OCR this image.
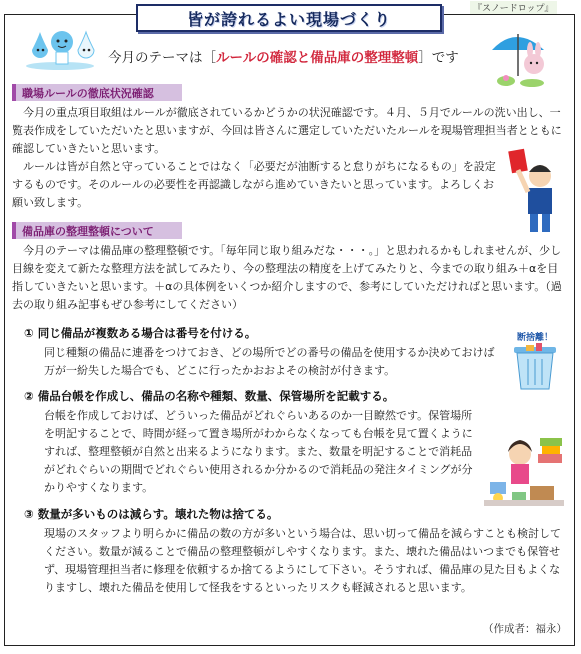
『スノードロップ』
皆が誇れるよい現場づくり
今月のテーマは［ルールの確認と備品庫の整理整頓］です
職場ルールの徹底状況確認
今月の重点項目取組はルールが徹底されているかどうかの状況確認です。４月、５月でルールの洗い出し、一覧表作成をしていただいたと思いますが、今回は皆さんに選定していただいたルールを現場管理担当者とともに確認していきたいと思います。
ルールは皆が自然と守っていることではなく「必要だが油断すると怠りがちになるもの」を設定するものです。そのルールの必要性を再認識しながら進めていきたいと思っています。よろしくお願い致します。
備品庫の整理整頓について
今月のテーマは備品庫の整理整頓です。「毎年同じ取り組みだな・・・。」と思われるかもしれませんが、少し目線を変えて新たな整理方法を試してみたり、今の整理法の精度を上げてみたりと、今までの取り組み＋αを目指していきたいと思います。＋αの具体例をいくつか紹介しますので、参考にしていただければと思います。（過去の取り組み記事もぜひ参考にしてください）
① 同じ備品が複数ある場合は番号を付ける。
同じ種類の備品に連番をつけておき、どの場所でどの番号の備品を使用するか決めておけば万が一紛失した場合でも、どこに行ったかおおよその検討が付きます。
断捨離！
② 備品台帳を作成し、備品の名称や種類、数量、保管場所を記載する。
台帳を作成しておけば、どういった備品がどれぐらいあるのか一目瞭然です。保管場所を明記することで、時間が経って置き場所がわからなくなっても台帳を見て置くようにすれば、整理整頓が自然と出来るようになります。また、数量を明記することで消耗品がどれぐらいの期間でどれぐらい使用されるか分かるので消耗品の発注タイミングが分かりやすくなります。
③ 数量が多いものは減らす。壊れた物は捨てる。
現場のスタッフより明らかに備品の数の方が多いという場合は、思い切って備品を減らすことも検討してください。数量が減ることで備品の整理整頓がしやすくなります。また、壊れた備品はいつまでも保管せず、現場管理担当者に修理を依頼するか捨てるようにして下さい。そうすれば、備品庫の見た目もよくなりますし、壊れた備品を使用して怪我をするといったリスクも軽減されると思います。
（作成者：福永）
